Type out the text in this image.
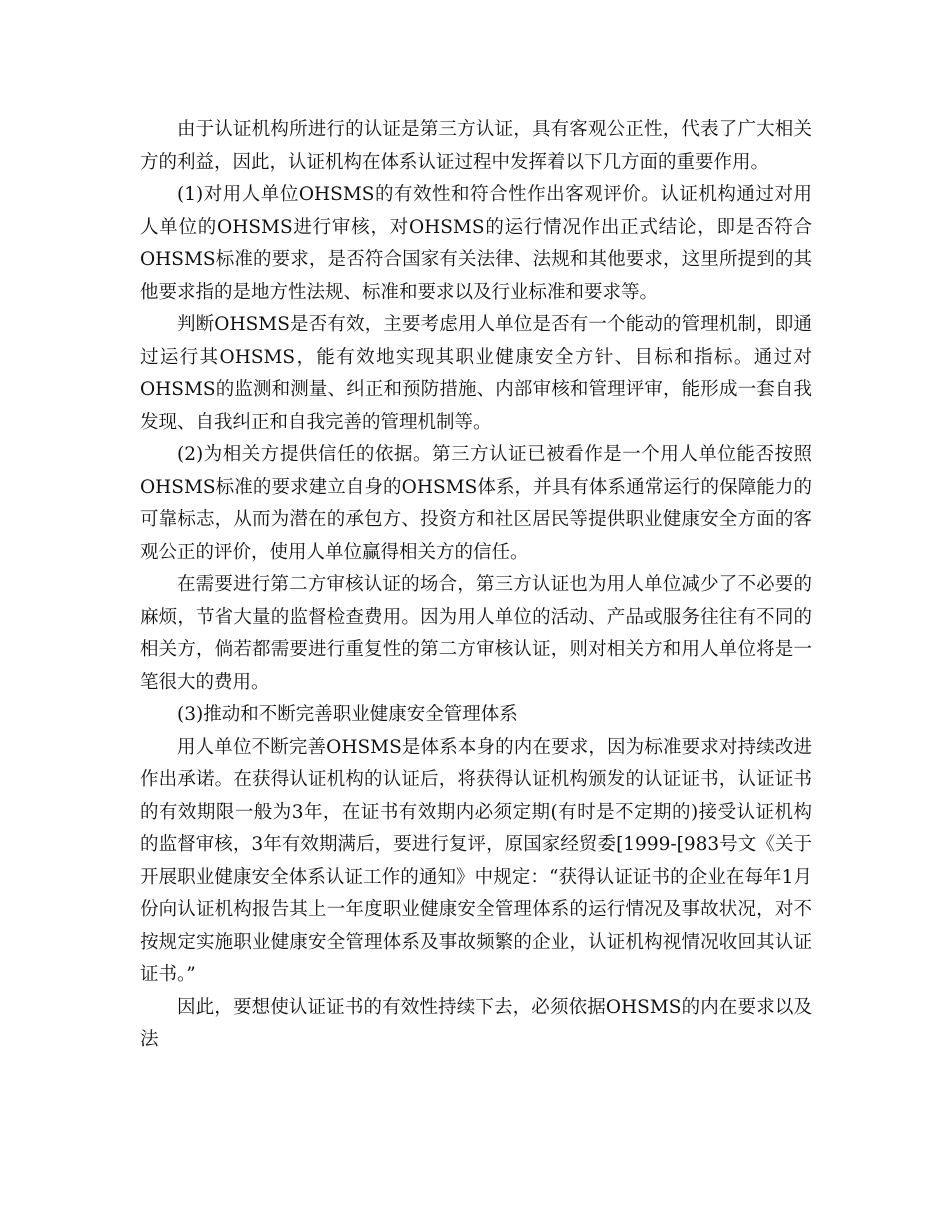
由于认证机构所进行的认证是第三方认证，具有客观公正性，代表了广大相关方的利益，因此，认证机构在体系认证过程中发挥着以下几方面的重要作用。

(1)对用人单位OHSMS的有效性和符合性作出客观评价。认证机构通过对用人单位的OHSMS进行审核，对OHSMS的运行情况作出正式结论，即是否符合OHSMS标准的要求，是否符合国家有关法律、法规和其他要求，这里所提到的其他要求指的是地方性法规、标准和要求以及行业标准和要求等。

判断OHSMS是否有效，主要考虑用人单位是否有一个能动的管理机制，即通过运行其OHSMS，能有效地实现其职业健康安全方针、目标和指标。通过对OHSMS的监测和测量、纠正和预防措施、内部审核和管理评审，能形成一套自我发现、自我纠正和自我完善的管理机制等。

(2)为相关方提供信任的依据。第三方认证已被看作是一个用人单位能否按照OHSMS标准的要求建立自身的OHSMS体系，并具有体系通常运行的保障能力的可靠标志，从而为潜在的承包方、投资方和社区居民等提供职业健康安全方面的客观公正的评价，使用人单位赢得相关方的信任。

在需要进行第二方审核认证的场合，第三方认证也为用人单位减少了不必要的麻烦，节省大量的监督检查费用。因为用人单位的活动、产品或服务往往有不同的相关方，倘若都需要进行重复性的第二方审核认证，则对相关方和用人单位将是一笔很大的费用。

(3)推动和不断完善职业健康安全管理体系

用人单位不断完善OHSMS是体系本身的内在要求，因为标准要求对持续改进作出承诺。在获得认证机构的认证后，将获得认证机构颁发的认证证书，认证证书的有效期限一般为3年，在证书有效期内必须定期(有时是不定期的)接受认证机构的监督审核，3年有效期满后，要进行复评，原国家经贸委[1999-[983号文《关于开展职业健康安全体系认证工作的通知》中规定：“获得认证证书的企业在每年1月份向认证机构报告其上一年度职业健康安全管理体系的运行情况及事故状况，对不按规定实施职业健康安全管理体系及事故频繁的企业，认证机构视情况收回其认证证书。”

因此，要想使认证证书的有效性持续下去，必须依据OHSMS的内在要求以及法
